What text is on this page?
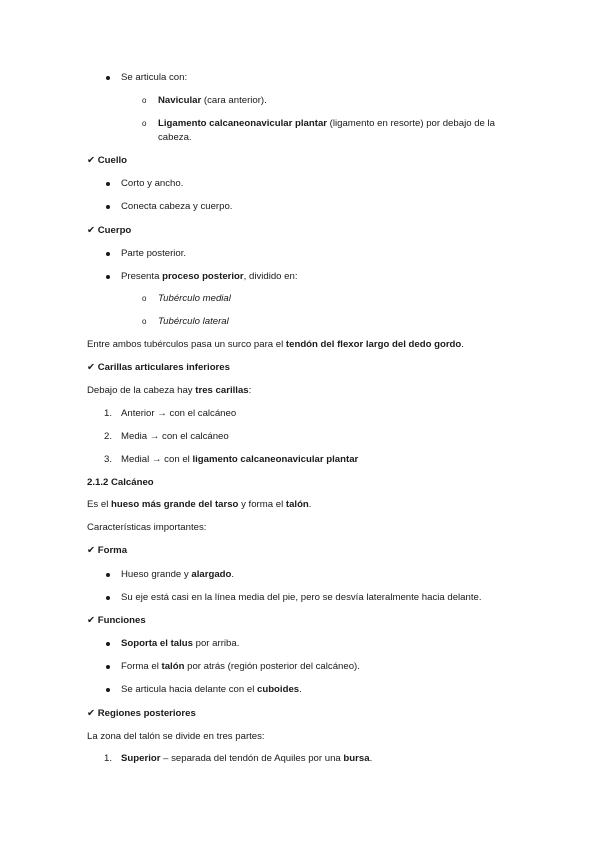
Se articula con:
o Navicular (cara anterior).
o Ligamento calcaneonavicular plantar (ligamento en resorte) por debajo de la
cabeza.
✔ Cuello
Corto y ancho.
Conecta cabeza y cuerpo.
✔ Cuerpo
Parte posterior.
Presenta proceso posterior, dividido en:
o Tubérculo medial
o Tubérculo lateral
Entre ambos tubérculos pasa un surco para el tendón del flexor largo del dedo gordo.
✔ Carillas articulares inferiores
Debajo de la cabeza hay tres carillas:
1. Anterior → con el calcáneo
2. Media → con el calcáneo
3. Medial → con el ligamento calcaneonavicular plantar
2.1.2 Calcáneo
Es el hueso más grande del tarso y forma el talón.
Características importantes:
✔ Forma
Hueso grande y alargado.
Su eje está casi en la línea media del pie, pero se desvía lateralmente hacia delante.
✔ Funciones
Soporta el talus por arriba.
Forma el talón por atrás (región posterior del calcáneo).
Se articula hacia delante con el cuboides.
✔ Regiones posteriores
La zona del talón se divide en tres partes:
1. Superior – separada del tendón de Aquiles por una bursa.
